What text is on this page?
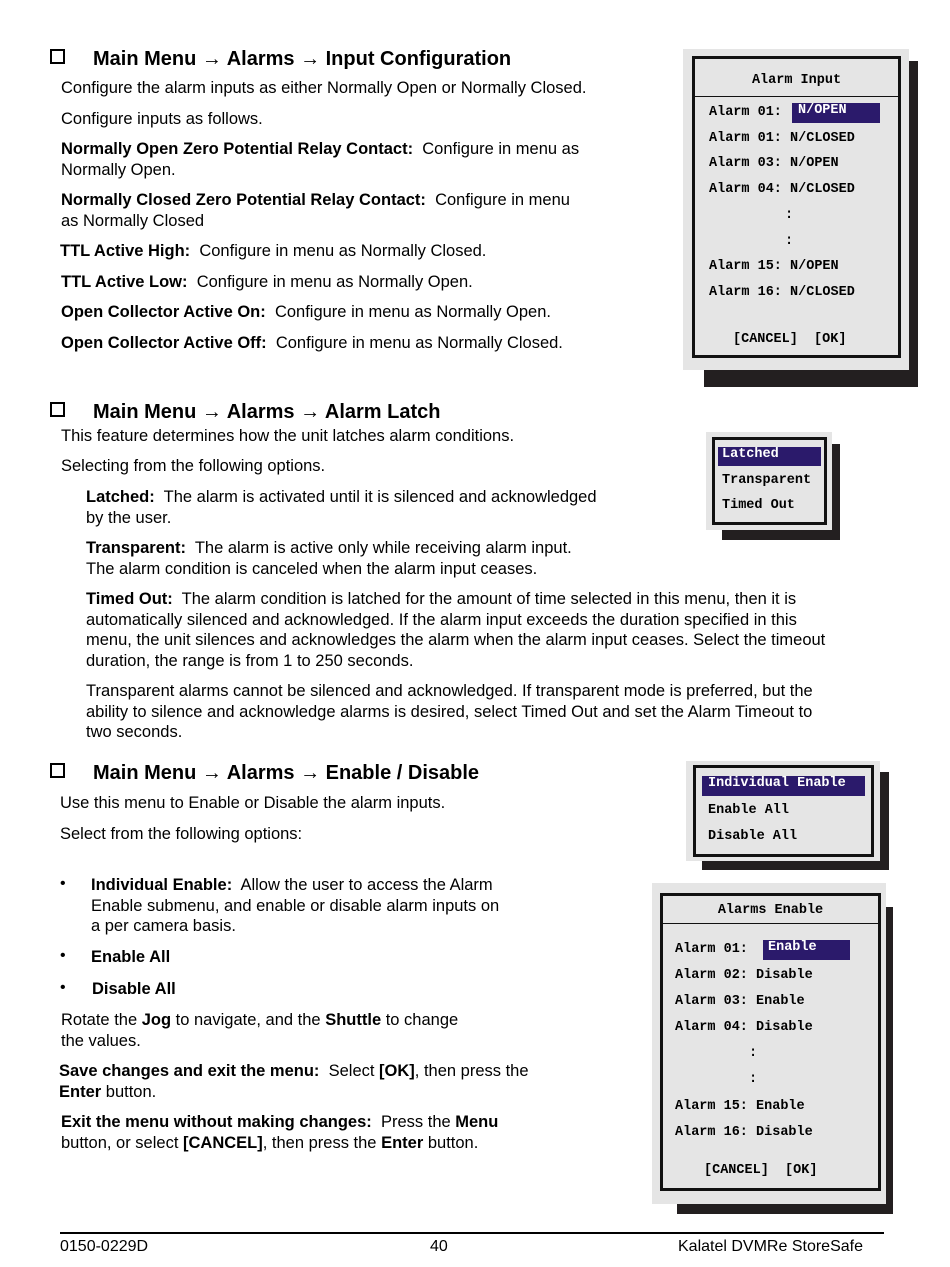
Main Menu → Alarms → Input Configuration
Configure the alarm inputs as either Normally Open or Normally Closed.
Configure inputs as follows.
Normally Open Zero Potential Relay Contact: Configure in menu as
Normally Open.
Normally Closed Zero Potential Relay Contact: Configure in menu
as Normally Closed
TTL Active High: Configure in menu as Normally Closed.
TTL Active Low: Configure in menu as Normally Open.
Open Collector Active On: Configure in menu as Normally Open.
Open Collector Active Off: Configure in menu as Normally Closed.
Alarm Input
Alarm 01:	N/OPEN
Alarm 01: N/CLOSED
Alarm 03: N/OPEN
Alarm 04: N/CLOSED
:
:
Alarm 15: N/OPEN
Alarm 16: N/CLOSED
[CANCEL]  [OK]
Main Menu → Alarms → Alarm Latch
This feature determines how the unit latches alarm conditions.
Selecting from the following options.
Latched: The alarm is activated until it is silenced and acknowledged
by the user.
Transparent: The alarm is active only while receiving alarm input.
The alarm condition is canceled when the alarm input ceases.
Timed Out: The alarm condition is latched for the amount of time selected in this menu, then it is
automatically silenced and acknowledged. If the alarm input exceeds the duration specified in this
menu, the unit silences and acknowledges the alarm when the alarm input ceases. Select the timeout
duration, the range is from 1 to 250 seconds.
Transparent alarms cannot be silenced and acknowledged. If transparent mode is preferred, but the
ability to silence and acknowledge alarms is desired, select Timed Out and set the Alarm Timeout to
two seconds.
Latched
Transparent
Timed Out
Main Menu → Alarms → Enable / Disable
Use this menu to Enable or Disable the alarm inputs.
Select from the following options:
• Individual Enable: Allow the user to access the Alarm
Enable submenu, and enable or disable alarm inputs on
a per camera basis.
• Enable All
• Disable All
Rotate the Jog to navigate, and the Shuttle to change
the values.
Save changes and exit the menu: Select [OK], then press the
Enter button.
Exit the menu without making changes: Press the Menu
button, or select [CANCEL], then press the Enter button.
Individual Enable
Enable All
Disable All
Alarms Enable
Alarm 01:	Enable
Alarm 02: Disable
Alarm 03: Enable
Alarm 04: Disable
:
:
Alarm 15: Enable
Alarm 16: Disable
[CANCEL]  [OK]
0150-0229D	40	Kalatel DVMRe StoreSafe
